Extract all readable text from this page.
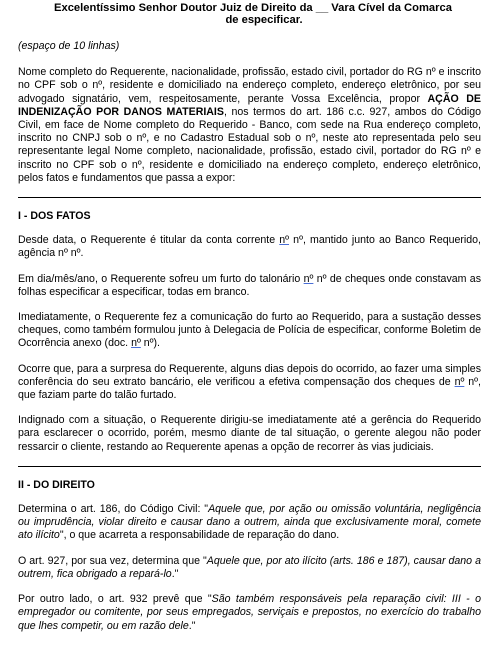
Excelentíssimo Senhor Doutor Juiz de Direito da __ Vara Cível da Comarca
de especificar.

(espaço de 10 linhas)

Nome completo do Requerente, nacionalidade, profissão, estado civil, portador do RG nº e inscrito no CPF sob o nº, residente e domiciliado na endereço completo, endereço eletrônico, por seu advogado signatário, vem, respeitosamente, perante Vossa Excelência, propor AÇÃO DE INDENIZAÇÃO POR DANOS MATERIAIS, nos termos do art. 186 c.c. 927, ambos do Código Civil, em face de Nome completo do Requerido - Banco, com sede na Rua endereço completo, inscrito no CNPJ sob o nº, e no Cadastro Estadual sob o nº, neste ato representada pelo seu representante legal Nome completo, nacionalidade, profissão, estado civil, portador do RG nº e inscrito no CPF sob o nº, residente e domiciliado na endereço completo, endereço eletrônico, pelos fatos e fundamentos que passa a expor:

I - DOS FATOS

Desde data, o Requerente é titular da conta corrente nº nº, mantido junto ao Banco Requerido, agência nº nº.

Em dia/mês/ano, o Requerente sofreu um furto do talonário nº nº de cheques onde constavam as folhas especificar a especificar, todas em branco.

Imediatamente, o Requerente fez a comunicação do furto ao Requerido, para a sustação desses cheques, como também formulou junto à Delegacia de Polícia de especificar, conforme Boletim de Ocorrência anexo (doc. nº nº).

Ocorre que, para a surpresa do Requerente, alguns dias depois do ocorrido, ao fazer uma simples conferência do seu extrato bancário, ele verificou a efetiva compensação dos cheques de nº nº, que faziam parte do talão furtado.

Indignado com a situação, o Requerente dirigiu-se imediatamente até a gerência do Requerido para esclarecer o ocorrido, porém, mesmo diante de tal situação, o gerente alegou não poder ressarcir o cliente, restando ao Requerente apenas a opção de recorrer às vias judiciais.

II - DO DIREITO

Determina o art. 186, do Código Civil: "Aquele que, por ação ou omissão voluntária, negligência ou imprudência, violar direito e causar dano a outrem, ainda que exclusivamente moral, comete ato ilícito", o que acarreta a responsabilidade de reparação do dano.

O art. 927, por sua vez, determina que "Aquele que, por ato ilícito (arts. 186 e 187), causar dano a outrem, fica obrigado a repará-lo."

Por outro lado, o art. 932 prevê que "São também responsáveis pela reparação civil: III - o empregador ou comitente, por seus empregados, serviçais e prepostos, no exercício do trabalho que lhes competir, ou em razão dele."
